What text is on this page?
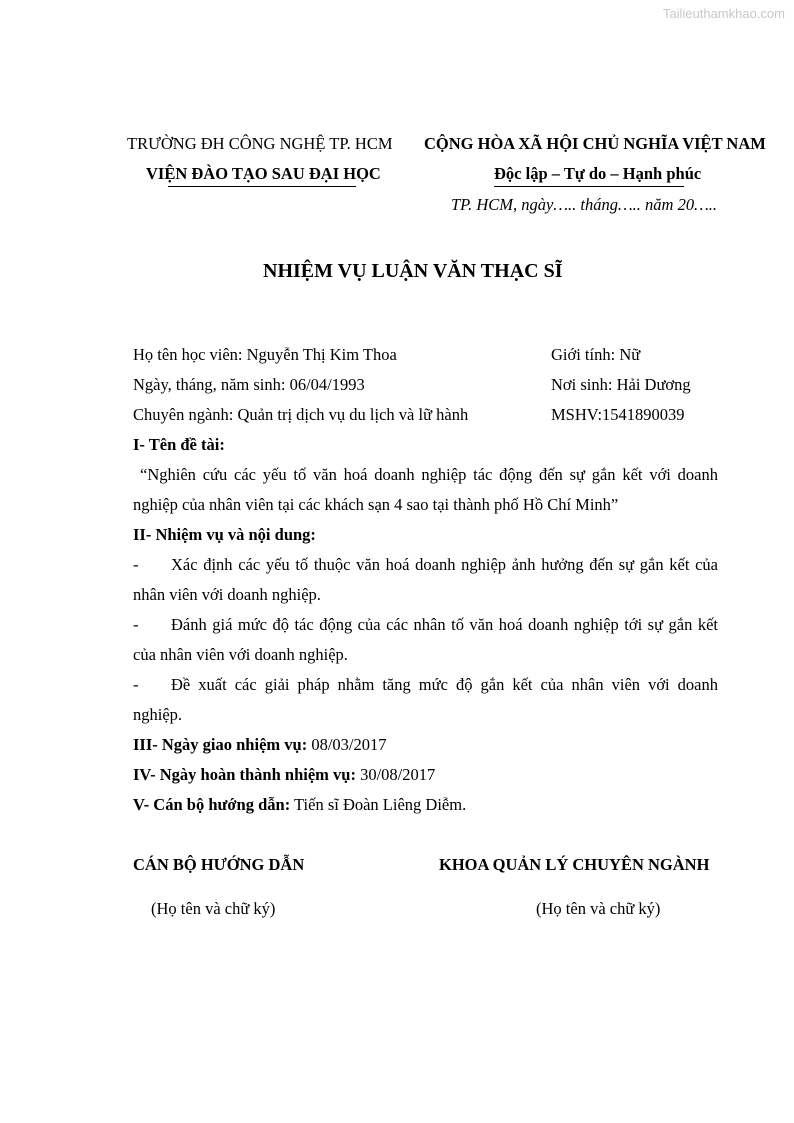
Tailieuthamkhao.com
TRƯỜNG ĐH CÔNG NGHỆ TP. HCM
VIỆN ĐÀO TẠO SAU ĐẠI HỌC
CỘNG HÒA XÃ HỘI CHỦ NGHĨA VIỆT NAM
Độc lập – Tự do – Hạnh phúc
TP. HCM, ngày….. tháng….. năm 20…..
NHIỆM VỤ LUẬN VĂN THẠC SĨ
Họ tên học viên: Nguyễn Thị Kim Thoa	Giới tính: Nữ
Ngày, tháng, năm sinh: 06/04/1993	Nơi sinh: Hải Dương
Chuyên ngành: Quản trị dịch vụ du lịch và lữ hành	MSHV:1541890039
I- Tên đề tài:
“Nghiên cứu các yếu tố văn hoá doanh nghiệp tác động đến sự gắn kết với doanh
nghiệp của nhân viên tại các khách sạn 4 sao tại thành phố Hồ Chí Minh”
II- Nhiệm vụ và nội dung:
- Xác định các yếu tố thuộc văn hoá doanh nghiệp ảnh hưởng đến sự gắn kết của
nhân viên với doanh nghiệp.
- Đánh giá mức độ tác động của các nhân tố văn hoá doanh nghiệp tới sự gắn kết
của nhân viên với doanh nghiệp.
- Đề xuất các giải pháp nhằm tăng mức độ gắn kết của nhân viên với doanh
nghiệp.
III- Ngày giao nhiệm vụ: 08/03/2017
IV- Ngày hoàn thành nhiệm vụ: 30/08/2017
V- Cán bộ hướng dẫn: Tiến sĩ Đoàn Liêng Diễm.
CÁN BỘ HƯỚNG DẪN
(Họ tên và chữ ký)
KHOA QUẢN LÝ CHUYÊN NGÀNH
(Họ tên và chữ ký)
